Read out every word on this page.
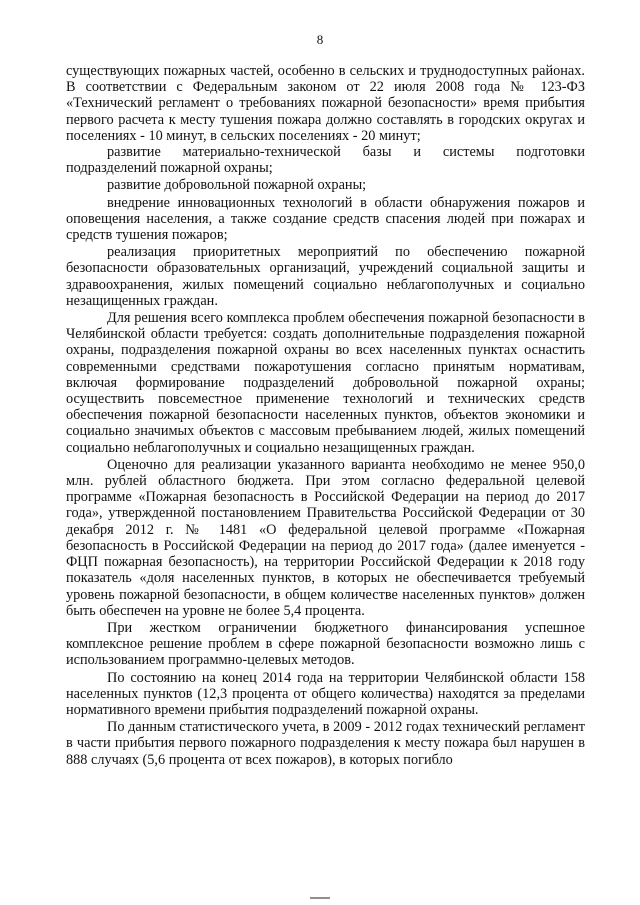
8

существующих пожарных частей, особенно в сельских и труднодоступных районах. В соответствии с Федеральным законом от 22 июля 2008 года № 123-ФЗ «Технический регламент о требованиях пожарной безопасности» время прибытия первого расчета к месту тушения пожара должно составлять в городских округах и поселениях - 10 минут, в сельских поселениях - 20 минут;

развитие материально-технической базы и системы подготовки подразделений пожарной охраны;

развитие добровольной пожарной охраны;

внедрение инновационных технологий в области обнаружения пожаров и оповещения населения, а также создание средств спасения людей при пожарах и средств тушения пожаров;

реализация приоритетных мероприятий по обеспечению пожарной безопасности образовательных организаций, учреждений социальной защиты и здравоохранения, жилых помещений социально неблагополучных и социально незащищенных граждан.

Для решения всего комплекса проблем обеспечения пожарной безопасности в Челябинской области требуется: создать дополнительные подразделения пожарной охраны, подразделения пожарной охраны во всех населенных пунктах оснастить современными средствами пожаротушения согласно принятым нормативам, включая формирование подразделений добровольной пожарной охраны; осуществить повсеместное применение технологий и технических средств обеспечения пожарной безопасности населенных пунктов, объектов экономики и социально значимых объектов с массовым пребыванием людей, жилых помещений социально неблагополучных и социально незащищенных граждан.

Оценочно для реализации указанного варианта необходимо не менее 950,0 млн. рублей областного бюджета. При этом согласно федеральной целевой программе «Пожарная безопасность в Российской Федерации на период до 2017 года», утвержденной постановлением Правительства Российской Федерации от 30 декабря 2012 г. № 1481 «О федеральной целевой программе «Пожарная безопасность в Российской Федерации на период до 2017 года» (далее именуется - ФЦП пожарная безопасность), на территории Российской Федерации к 2018 году показатель «доля населенных пунктов, в которых не обеспечивается требуемый уровень пожарной безопасности, в общем количестве населенных пунктов» должен быть обеспечен на уровне не более 5,4 процента.

При жестком ограничении бюджетного финансирования успешное комплексное решение проблем в сфере пожарной безопасности возможно лишь с использованием программно-целевых методов.

По состоянию на конец 2014 года на территории Челябинской области 158 населенных пунктов (12,3 процента от общего количества) находятся за пределами нормативного времени прибытия подразделений пожарной охраны.

По данным статистического учета, в 2009 - 2012 годах технический регламент в части прибытия первого пожарного подразделения к месту пожара был нарушен в 888 случаях (5,6 процента от всех пожаров), в которых погибло
